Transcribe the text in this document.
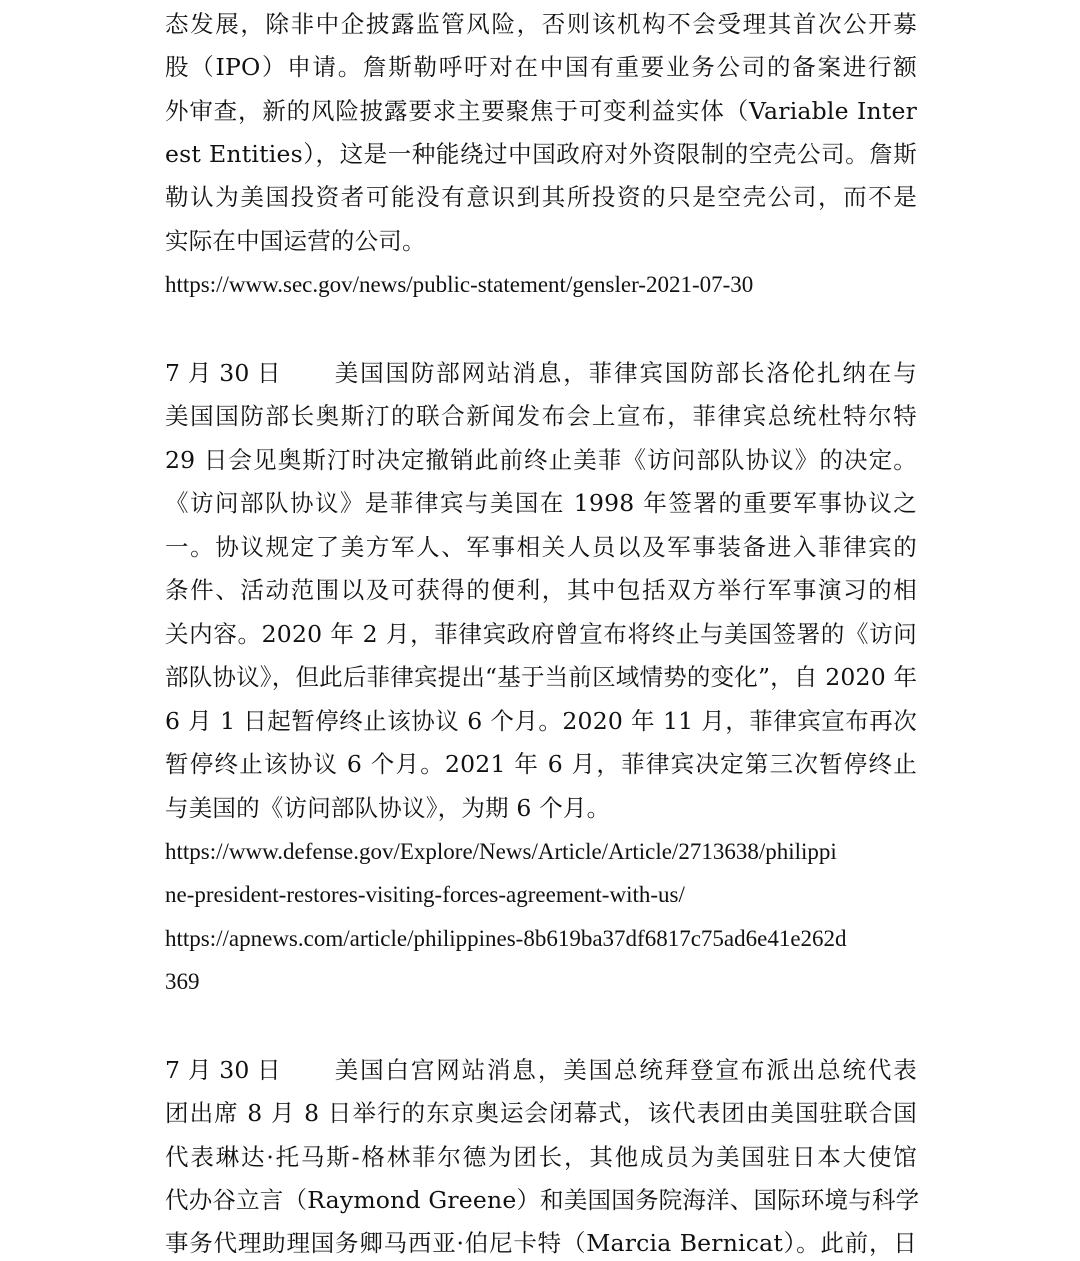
态发展，除非中企披露监管风险，否则该机构不会受理其首次公开募
股（IPO）申请。詹斯勒呼吁对在中国有重要业务公司的备案进行额
外审查，新的风险披露要求主要聚焦于可变利益实体（Variable Inter
est Entities），这是一种能绕过中国政府对外资限制的空壳公司。詹斯
勒认为美国投资者可能没有意识到其所投资的只是空壳公司，而不是
实际在中国运营的公司。
https://www.sec.gov/news/public-statement/gensler-2021-07-30
7 月 30 日 美国国防部网站消息，菲律宾国防部长洛伦扎纳在与
美国国防部长奥斯汀的联合新闻发布会上宣布，菲律宾总统杜特尔特
29 日会见奥斯汀时决定撤销此前终止美菲《访问部队协议》的决定。
《访问部队协议》是菲律宾与美国在 1998 年签署的重要军事协议之
一。协议规定了美方军人、军事相关人员以及军事装备进入菲律宾的
条件、活动范围以及可获得的便利，其中包括双方举行军事演习的相
关内容。2020 年 2 月，菲律宾政府曾宣布将终止与美国签署的《访问
部队协议》，但此后菲律宾提出“基于当前区域情势的变化”，自 2020 年
6 月 1 日起暂停终止该协议 6 个月。2020 年 11 月，菲律宾宣布再次
暂停终止该协议 6 个月。2021 年 6 月，菲律宾决定第三次暂停终止
与美国的《访问部队协议》，为期 6 个月。
https://www.defense.gov/Explore/News/Article/Article/2713638/philippi
ne-president-restores-visiting-forces-agreement-with-us/
https://apnews.com/article/philippines-8b619ba37df6817c75ad6e41e262d
369
7 月 30 日 美国白宫网站消息，美国总统拜登宣布派出总统代表
团出席 8 月 8 日举行的东京奥运会闭幕式，该代表团由美国驻联合国
代表琳达·托马斯-格林菲尔德为团长，其他成员为美国驻日本大使馆
代办谷立言（Raymond Greene）和美国国务院海洋、国际环境与科学
事务代理助理国务卿马西亚·伯尼卡特（Marcia Bernicat）。此前，日
